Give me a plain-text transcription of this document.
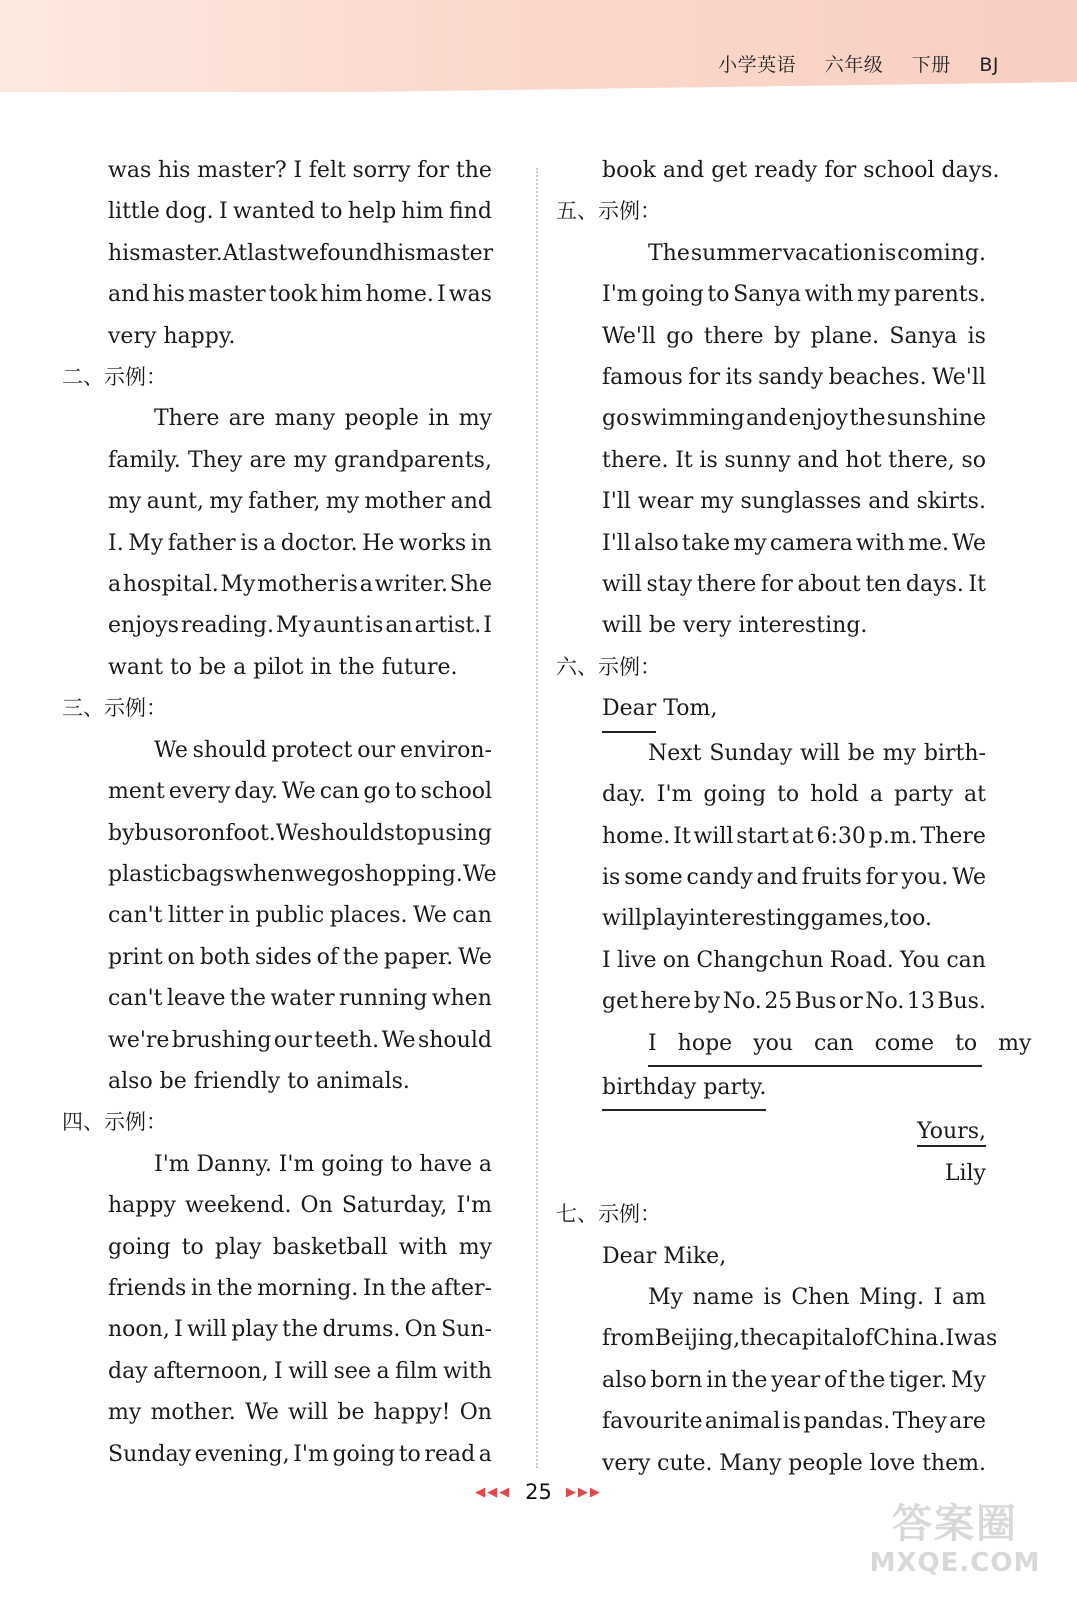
小学英语 六年级 下册 BJ
was his master? I felt sorry for the
little dog. I wanted to help him find
his master. At last we found his master
and his master took him home. I was
very happy.
二、示例：
There are many people in my
family. They are my grandparents,
my aunt, my father, my mother and
I. My father is a doctor. He works in
a hospital. My mother is a writer. She
enjoys reading. My aunt is an artist. I
want to be a pilot in the future.
三、示例：
We should protect our environ-
ment every day. We can go to school
by bus or on foot. We should stop using
plastic bags when we go shopping. We
can't litter in public places. We can
print on both sides of the paper. We
can't leave the water running when
we're brushing our teeth. We should
also be friendly to animals.
四、示例：
I'm Danny. I'm going to have a
happy weekend. On Saturday, I'm
going to play basketball with my
friends in the morning. In the after-
noon, I will play the drums. On Sun-
day afternoon, I will see a film with
my mother. We will be happy! On
Sunday evening, I'm going to read a
book and get ready for school days.
五、示例：
The summer vacation is coming.
I'm going to Sanya with my parents.
We'll go there by plane. Sanya is
famous for its sandy beaches. We'll
go swimming and enjoy the sunshine
there. It is sunny and hot there, so
I'll wear my sunglasses and skirts.
I'll also take my camera with me. We
will stay there for about ten days. It
will be very interesting.
六、示例：
Dear Tom,
Next Sunday will be my birth-
day. I'm going to hold a party at
home. It will start at 6:30 p.m. There
is some candy and fruits for you. We
will play interesting games, too.
I live on Changchun Road. You can
get here by No. 25 Bus or No. 13 Bus.
I hope you can come to my
birthday party.
Yours,
Lily
七、示例：
Dear Mike,
My name is Chen Ming. I am
from Beijing, the capital of China. I was
also born in the year of the tiger. My
favourite animal is pandas. They are
very cute. Many people love them.
◀◀◀ 25 ▶▶▶
答案圈
MXQE.COM
